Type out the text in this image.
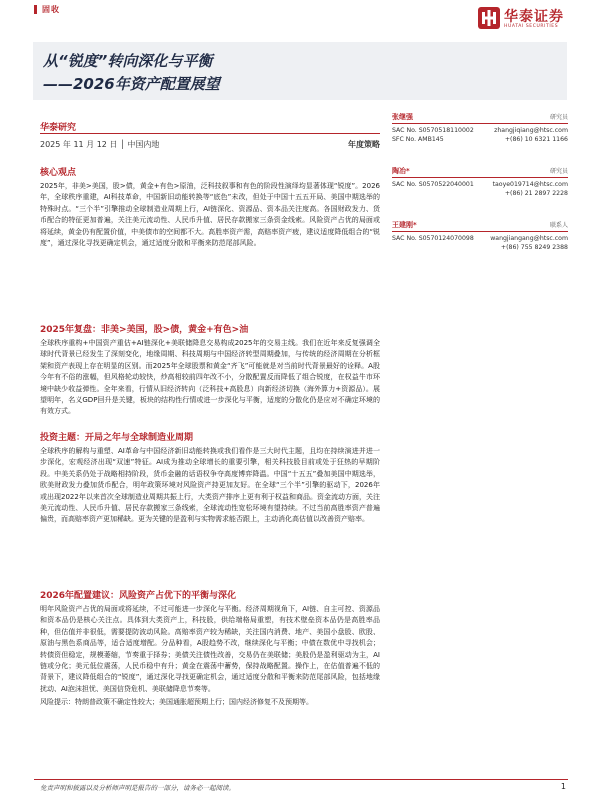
固收	华泰证券
HUATAI SECURITIES
从“锐度”转向深化与平衡
——2026年资产配置展望
华泰研究
2025 年 11 月 12 日 │ 中国内地	年度策略
核心观点

2025年，非美>美国，股>债，黄金+有色>原油，泛科技叙事和有色的阶段性演绎均显著体现“锐度”。2026年，全球秩序重建，AI科技革命，中国新旧动能转换等“底色”未改，但处于中国十五五开局、美国中期选举的特殊时点。“三个半”引擎推动全球制造业周期上行，AI链深化、资源品、资本品关注度高。各国财政发力、货币配合的特征更加普遍，关注美元流动性、人民币升值、居民存款搬家三条资金线索。风险资产占优的局面或将延续，黄金仍有配置价值，中美债市的空间都不大。高胜率资产需，高赔率资产疲，建议适度降低组合的“锐度”，通过深化寻找更确定机会，通过适度分散和平衡来防范尾部风险。

2025年复盘：非美>美国，股>债，黄金+有色>油

全球秩序重构+中国资产重估+AI链深化+美联储降息交易构成2025年的交易主线。我们在近年来反复强调全球时代背景已经发生了深刻变化，地缘周期、科技周期与中国经济转型周期叠加，与传统的经济周期在分析框架和资产表现上存在明显的区别。而2025年全球股票和黄金“齐飞”可能就是对当前时代背景最好的诠释。A股今年有不俗的涨幅，但风格轮动较快，炒高相较前四年改不小，分散配置反而降低了组合锐度，在权益牛市环境中缺少收益弹性。全年来看，行情从旧经济转向（泛科技+高股息）向新经济切换（海外算力+资源品）。展望明年，名义GDP回升是关键，板块的结构性行情或进一步深化与平衡，适度的分散化仍是应对不确定环境的有效方式。

投资主题：开局之年与全球制造业周期

全球秩序的解构与重塑、AI革命与中国经济新旧动能转换或我们看作是三大时代主题，且均在持续演进并进一步深化，宏观经济出现“双速”特征。AI成为推动全球增长的重要引擎，相关科技股目前或处于狂热的早期阶段。中美关系仍处于战略相持阶段，货币金融的话语权争夺高度博弈降温。中国“十五五”叠加美国中期选举，欧美财政发力叠加货币配合，明年政策环境对风险资产持更加友好。在全球“三个半”引擎的驱动下，2026年或出现2022年以来首次全球制造业周期共振上行，大类资产排序上更有利于权益和商品。资金流动方面，关注美元流动性、人民币升值、居民存款搬家三条线索，全球流动性宽松环境有望持续。不过当前高胜率资产普遍偏贵，而高赔率资产更加稀缺。更为关键的是盈利与实物需求能否跟上，主动消化高估值以改善资产赔率。

2026年配置建议：风险资产占优下的平衡与深化

明年风险资产占优的局面或将延续，不过可能进一步深化与平衡。经济周期视角下，AI链、自主可控、资源品和资本品仍是核心关注点。具体到大类资产上，科技股，供给端格局重塑，有技术壁垒资本品仍是高胜率品种，但估值并非很低，需要提防波动风险。高赔率资产较为稀缺，关注国内消费、地产、美国小盘股、欧股、原油与黑色系商品等，适合适度增配。分品种看，A股趋势不改，继续深化与平衡；中债在数优中寻找机会；转债资但稳定，规模萎缩，节奏重于择券；美债关注债性改善，交易仍在美联储；美股仍是盈利驱动为主，AI链或分化；美元低位震荡，人民币稳中有升；黄金在震荡中蓄势，保持战略配置。操作上，在估值普遍不低的背景下，建议降低组合的“锐度”，通过深化寻找更确定机会，通过适度分散和平衡来防范尾部风险，包括地缘扰动、AI泡沫担忧、美国信贷危机、美联储降息节奏等。

风险提示：特朗普政策不确定性较大；美国通胀超预期上行；国内经济修复不及预期等。

张继强	研究员
SAC No. S0570518110002	zhangjiqiang@htsc.com
SFC No. AMB145	+(86) 10 6321 1166
陶冶*	研究员
SAC No. S0570522040001	taoye019714@htsc.com
+(86) 21 2897 2228
王建刚*	联系人
SAC No. S0570124070098	wangjiangang@htsc.com
+(86) 755 8249 2388
免责声明和披露以及分析师声明是报告的一部分，请务必一起阅读。	1
